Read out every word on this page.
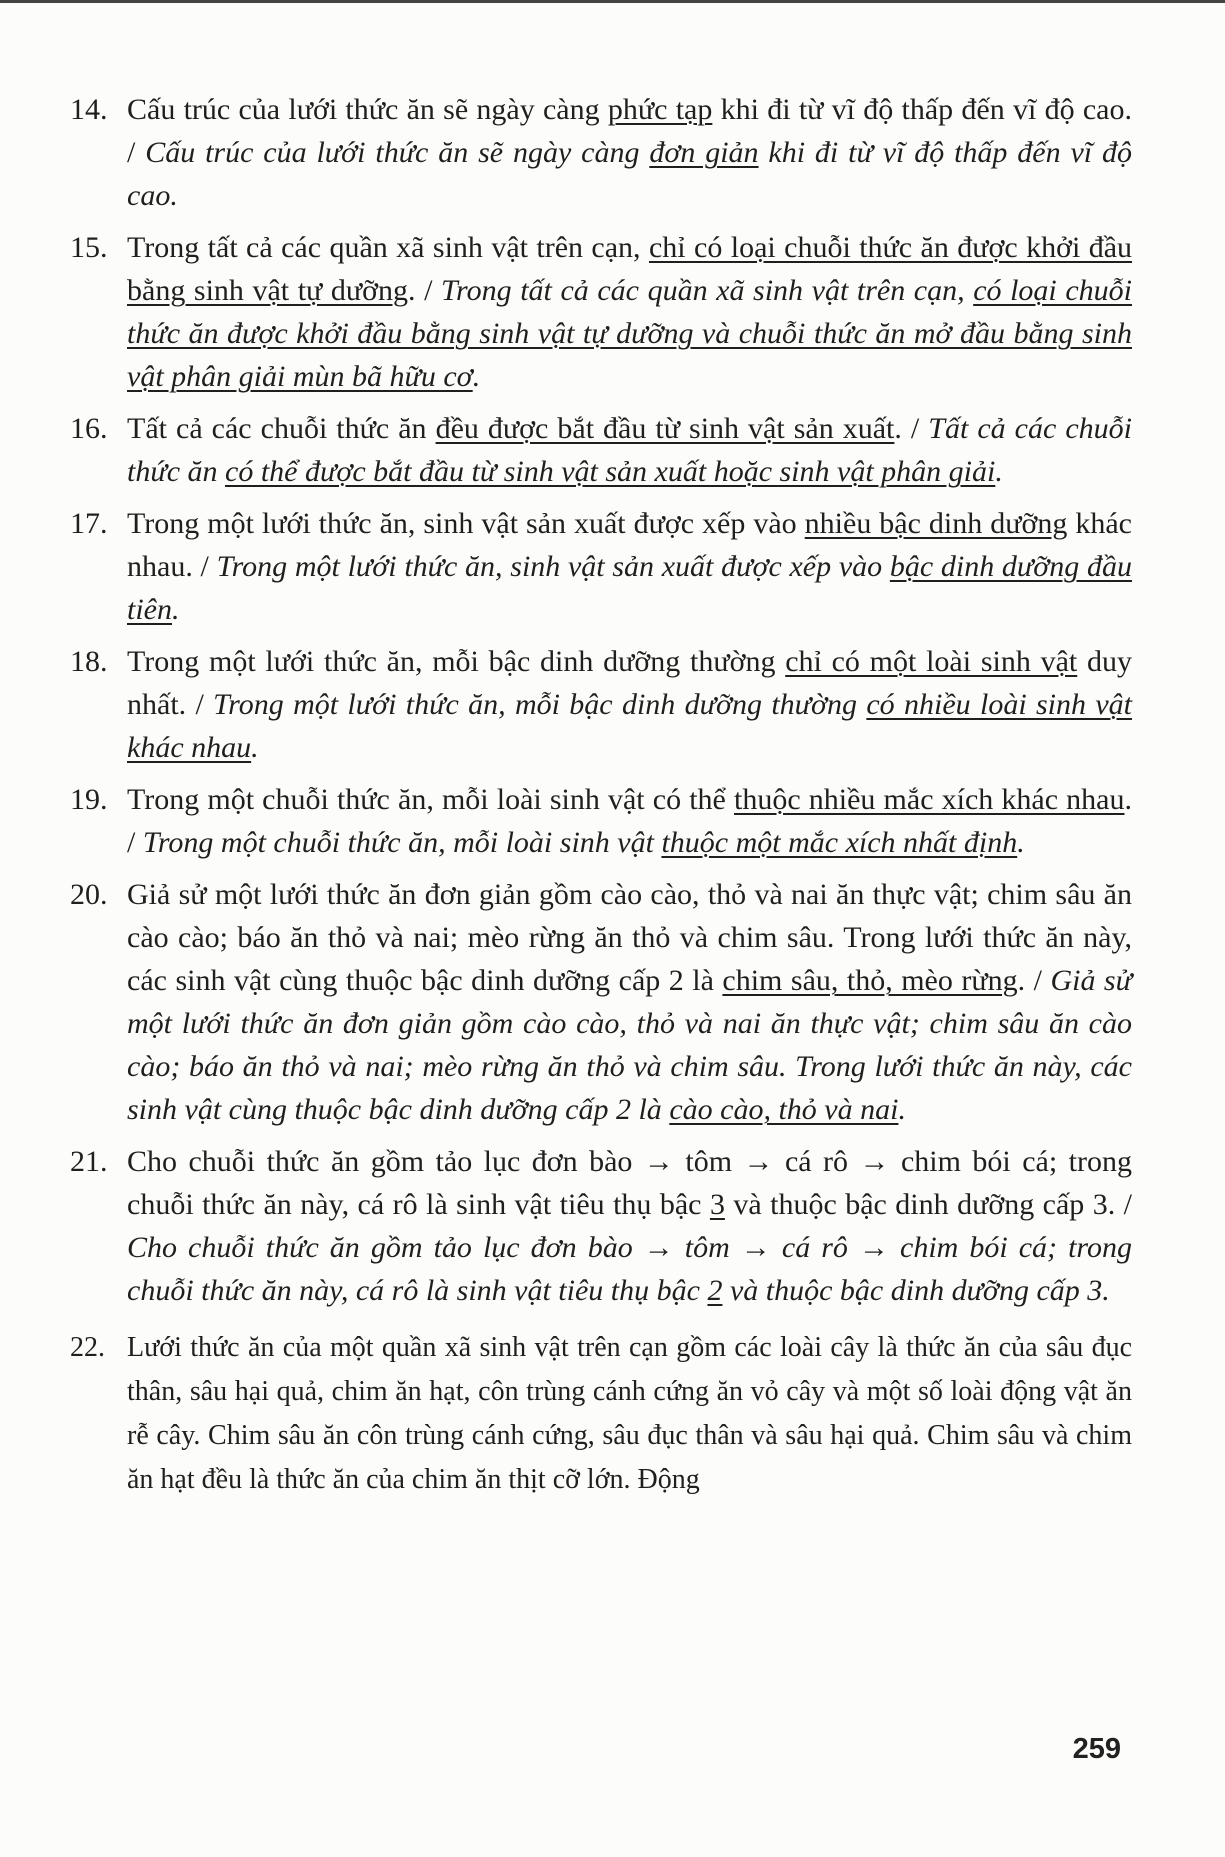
14. Cấu trúc của lưới thức ăn sẽ ngày càng phức tạp khi đi từ vĩ độ thấp đến vĩ độ cao. / Cấu trúc của lưới thức ăn sẽ ngày càng đơn giản khi đi từ vĩ độ thấp đến vĩ độ cao.
15. Trong tất cả các quần xã sinh vật trên cạn, chỉ có loại chuỗi thức ăn được khởi đầu bằng sinh vật tự dưỡng. / Trong tất cả các quần xã sinh vật trên cạn, có loại chuỗi thức ăn được khởi đầu bằng sinh vật tự dưỡng và chuỗi thức ăn mở đầu bằng sinh vật phân giải mùn bã hữu cơ.
16. Tất cả các chuỗi thức ăn đều được bắt đầu từ sinh vật sản xuất. / Tất cả các chuỗi thức ăn có thể được bắt đầu từ sinh vật sản xuất hoặc sinh vật phân giải.
17. Trong một lưới thức ăn, sinh vật sản xuất được xếp vào nhiều bậc dinh dưỡng khác nhau. / Trong một lưới thức ăn, sinh vật sản xuất được xếp vào bậc dinh dưỡng đầu tiên.
18. Trong một lưới thức ăn, mỗi bậc dinh dưỡng thường chỉ có một loài sinh vật duy nhất. / Trong một lưới thức ăn, mỗi bậc dinh dưỡng thường có nhiều loài sinh vật khác nhau.
19. Trong một chuỗi thức ăn, mỗi loài sinh vật có thể thuộc nhiều mắc xích khác nhau. / Trong một chuỗi thức ăn, mỗi loài sinh vật thuộc một mắc xích nhất định.
20. Giả sử một lưới thức ăn đơn giản gồm cào cào, thỏ và nai ăn thực vật; chim sâu ăn cào cào; báo ăn thỏ và nai; mèo rừng ăn thỏ và chim sâu. Trong lưới thức ăn này, các sinh vật cùng thuộc bậc dinh dưỡng cấp 2 là chim sâu, thỏ, mèo rừng. / Giả sử một lưới thức ăn đơn giản gồm cào cào, thỏ và nai ăn thực vật; chim sâu ăn cào cào; báo ăn thỏ và nai; mèo rừng ăn thỏ và chim sâu. Trong lưới thức ăn này, các sinh vật cùng thuộc bậc dinh dưỡng cấp 2 là cào cào, thỏ và nai.
21. Cho chuỗi thức ăn gồm tảo lục đơn bào → tôm → cá rô → chim bói cá; trong chuỗi thức ăn này, cá rô là sinh vật tiêu thụ bậc 3 và thuộc bậc dinh dưỡng cấp 3. / Cho chuỗi thức ăn gồm tảo lục đơn bào → tôm → cá rô → chim bói cá; trong chuỗi thức ăn này, cá rô là sinh vật tiêu thụ bậc 2 và thuộc bậc dinh dưỡng cấp 3.
22. Lưới thức ăn của một quần xã sinh vật trên cạn gồm các loài cây là thức ăn của sâu đục thân, sâu hại quả, chim ăn hạt, côn trùng cánh cứng ăn vỏ cây và một số loài động vật ăn rễ cây. Chim sâu ăn côn trùng cánh cứng, sâu đục thân và sâu hại quả. Chim sâu và chim ăn hạt đều là thức ăn của chim ăn thịt cỡ lớn. Động
259
